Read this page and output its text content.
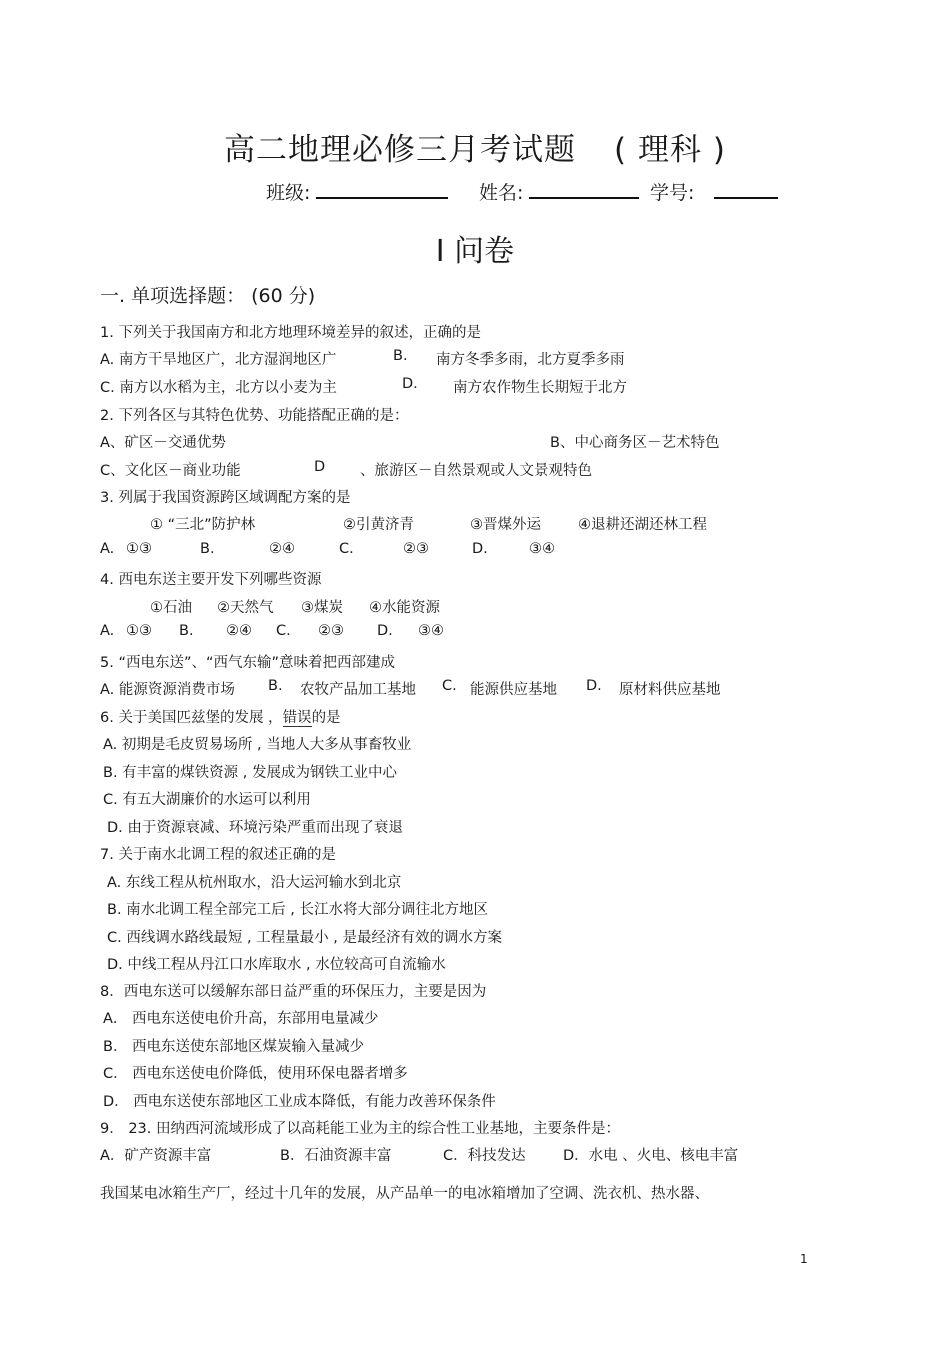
高二地理必修三月考试题 ( 理科 )
班级:	姓名:	学号:
I 问卷
一. 单项选择题： (60 分)
1. 下列关于我国南方和北方地理环境差异的叙述，正确的是
A. 南方干旱地区广，北方湿润地区广	B. 南方冬季多雨，北方夏季多雨
C. 南方以水稻为主，北方以小麦为主	D. 南方农作物生长期短于北方
2. 下列各区与其特色优势、功能搭配正确的是：
A、矿区－交通优势	B、中心商务区－艺术特色
C、文化区－商业功能	D 、旅游区－自然景观或人文景观特色
3. 列属于我国资源跨区域调配方案的是
① “三北”防护林	②引黄济青	③晋煤外运	④退耕还湖还林工程
A. ①③	B.	②④	C.	②③	D.	③④
4. 西电东送主要开发下列哪些资源
①石油 ②天然气 ③煤炭 ④水能资源
A. ①③ B. ②④ C. ②③ D. ③④
5. “西电东送”、“西气东输”意味着把西部建成
A. 能源资源消费市场 B. 农牧产品加工基地 C. 能源供应基地 D. 原材料供应基地
6. 关于美国匹兹堡的发展 ，错误的是
A. 初期是毛皮贸易场所 , 当地人大多从事畜牧业
B. 有丰富的煤铁资源 , 发展成为钢铁工业中心
C. 有五大湖廉价的水运可以利用
D. 由于资源衰减、环境污染严重而出现了衰退
7. 关于南水北调工程的叙述正确的是
A. 东线工程从杭州取水，沿大运河输水到北京
B. 南水北调工程全部完工后 , 长江水将大部分调往北方地区
C. 西线调水路线最短 , 工程量最小 , 是最经济有效的调水方案
D. 中线工程从丹江口水库取水 , 水位较高可自流输水
8．西电东送可以缓解东部日益严重的环保压力，主要是因为
A． 西电东送使电价升高，东部用电量减少
B． 西电东送使东部地区煤炭输入量减少
C． 西电东送使电价降低，使用环保电器者增多
D． 西电东送使东部地区工业成本降低，有能力改善环保条件
9． 23. 田纳西河流域形成了以高耗能工业为主的综合性工业基地，主要条件是：
A．矿产资源丰富	B．石油资源丰富	C．科技发达	D．水电 、火电、核电丰富
我国某电冰箱生产厂，经过十几年的发展，从产品单一的电冰箱增加了空调、洗衣机、热水器、
1
